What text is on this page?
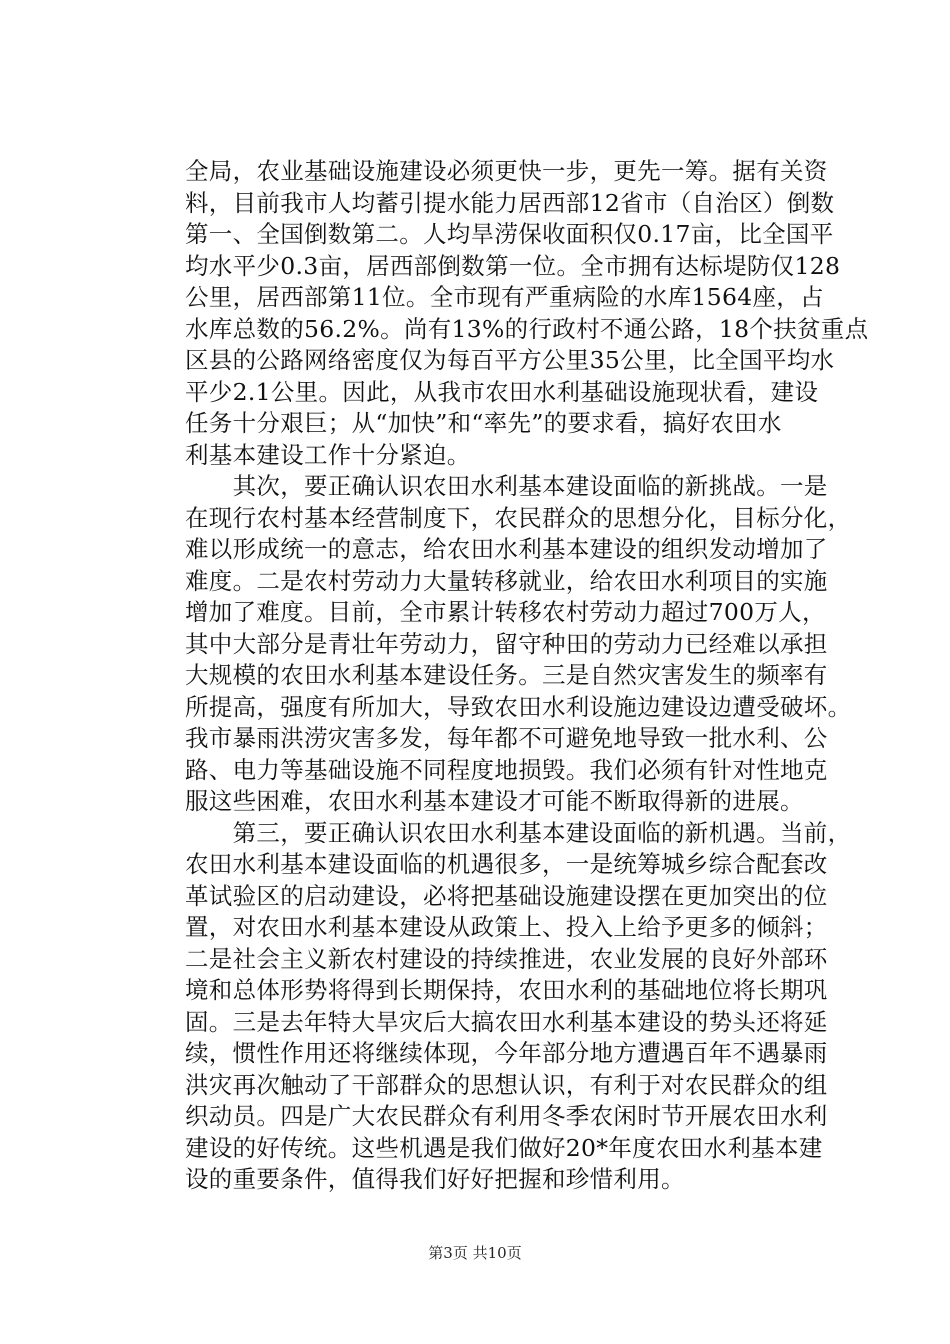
全局，农业基础设施建设必须更快一步，更先一筹。据有关资
料，目前我市人均蓄引提水能力居西部12省市（自治区）倒数
第一、全国倒数第二。人均旱涝保收面积仅0.17亩，比全国平
均水平少0.3亩，居西部倒数第一位。全市拥有达标堤防仅128
公里，居西部第11位。全市现有严重病险的水库1564座，占
水库总数的56.2%。尚有13%的行政村不通公路，18个扶贫重点
区县的公路网络密度仅为每百平方公里35公里，比全国平均水
平少2.1公里。因此，从我市农田水利基础设施现状看，建设
任务十分艰巨；从“加快”和“率先”的要求看，搞好农田水
利基本建设工作十分紧迫。
　　其次，要正确认识农田水利基本建设面临的新挑战。一是
在现行农村基本经营制度下，农民群众的思想分化，目标分化，
难以形成统一的意志，给农田水利基本建设的组织发动增加了
难度。二是农村劳动力大量转移就业，给农田水利项目的实施
增加了难度。目前，全市累计转移农村劳动力超过700万人，
其中大部分是青壮年劳动力，留守种田的劳动力已经难以承担
大规模的农田水利基本建设任务。三是自然灾害发生的频率有
所提高，强度有所加大，导致农田水利设施边建设边遭受破坏。
我市暴雨洪涝灾害多发，每年都不可避免地导致一批水利、公
路、电力等基础设施不同程度地损毁。我们必须有针对性地克
服这些困难，农田水利基本建设才可能不断取得新的进展。
　　第三，要正确认识农田水利基本建设面临的新机遇。当前，
农田水利基本建设面临的机遇很多，一是统筹城乡综合配套改
革试验区的启动建设，必将把基础设施建设摆在更加突出的位
置，对农田水利基本建设从政策上、投入上给予更多的倾斜；
二是社会主义新农村建设的持续推进，农业发展的良好外部环
境和总体形势将得到长期保持，农田水利的基础地位将长期巩
固。三是去年特大旱灾后大搞农田水利基本建设的势头还将延
续，惯性作用还将继续体现，今年部分地方遭遇百年不遇暴雨
洪灾再次触动了干部群众的思想认识，有利于对农民群众的组
织动员。四是广大农民群众有利用冬季农闲时节开展农田水利
建设的好传统。这些机遇是我们做好20*年度农田水利基本建
设的重要条件，值得我们好好把握和珍惜利用。
第3页 共10页
